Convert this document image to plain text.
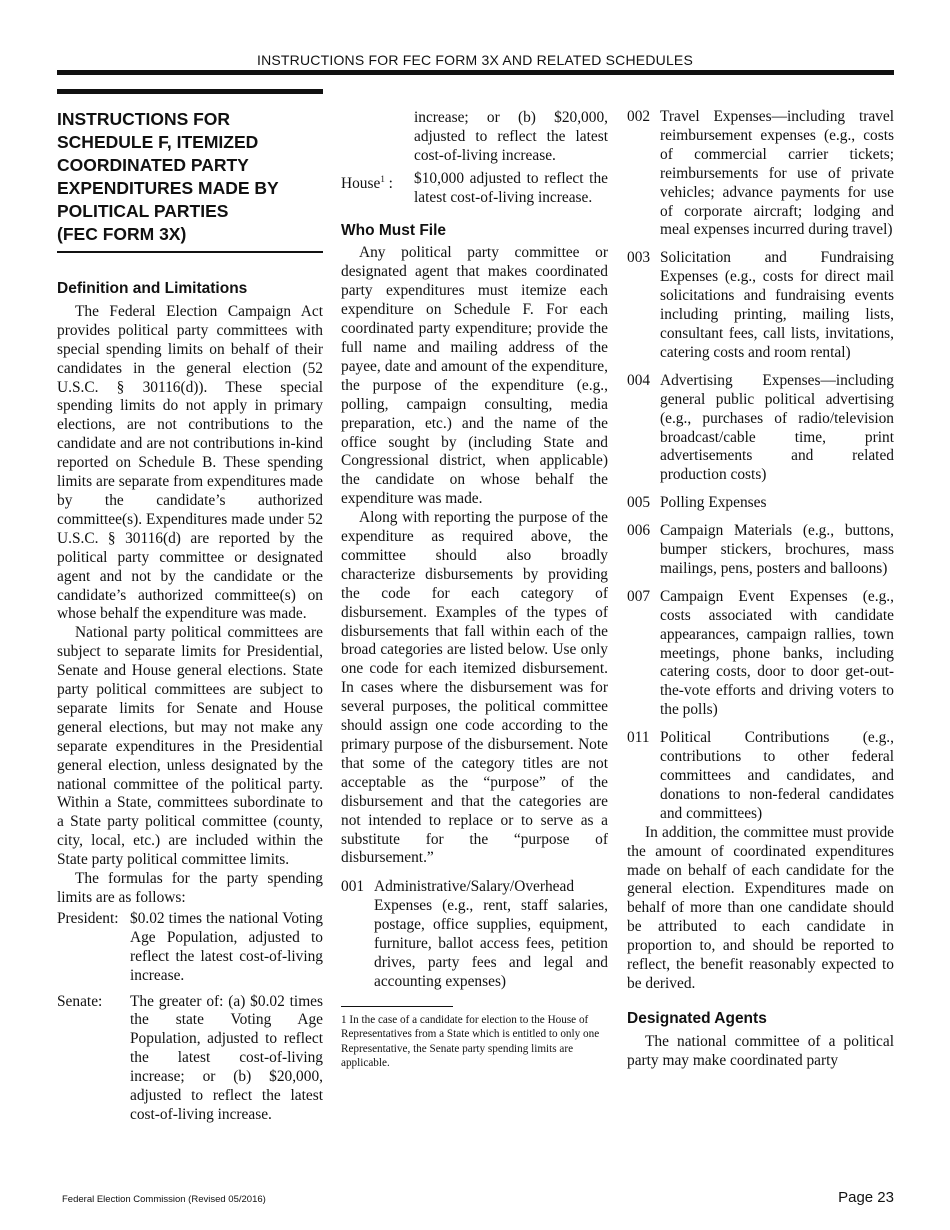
INSTRUCTIONS FOR FEC FORM 3X AND RELATED SCHEDULES
INSTRUCTIONS FOR
SCHEDULE F, ITEMIZED
COORDINATED PARTY
EXPENDITURES MADE BY
POLITICAL PARTIES
(FEC FORM 3X)
Definition and Limitations

The Federal Election Campaign Act provides political party committees with special spending limits on behalf of their candidates in the general election (52 U.S.C. § 30116(d)). These special spending limits do not apply in primary elections, are not contributions to the candidate and are not contributions in-kind reported on Schedule B. These spending limits are separate from expenditures made by the candidate’s authorized committee(s). Expenditures made under 52 U.S.C. § 30116(d) are reported by the political party committee or designated agent and not by the candidate or the candidate’s authorized committee(s) on whose behalf the expenditure was made.

National party political committees are subject to separate limits for Presidential, Senate and House general elections. State party political committees are subject to separate limits for Senate and House general elections, but may not make any separate expenditures in the Presidential general election, unless designated by the national committee of the political party. Within a State, committees subordinate to a State party political committee (county, city, local, etc.) are included within the State party political committee limits.

The formulas for the party spending limits are as follows:

President: $0.02 times the national Voting Age Population, adjusted to reflect the latest cost-of-living increase.
Senate:	The greater of: (a) $0.02 times the state Voting Age Population, adjusted to reflect the latest cost-of-living increase; or (b) $20,000, adjusted to reflect the latest cost-of-living increase.
increase; or (b) $20,000, adjusted to reflect the latest cost-of-living increase.
House$^1$ :	$10,000 adjusted to reflect the latest cost-of-living increase.
Who Must File

Any political party committee or designated agent that makes coordinated party expenditures must itemize each expenditure on Schedule F. For each coordinated party expenditure; provide the full name and mailing address of the payee, date and amount of the expenditure, the purpose of the expenditure (e.g., polling, campaign consulting, media preparation, etc.) and the name of the office sought by (including State and Congressional district, when applicable) the candidate on whose behalf the expenditure was made.

Along with reporting the purpose of the expenditure as required above, the committee should also broadly characterize disbursements by providing the code for each category of disbursement. Examples of the types of disbursements that fall within each of the broad categories are listed below. Use only one code for each itemized disbursement. In cases where the disbursement was for several purposes, the political committee should assign one code according to the primary purpose of the disbursement. Note that some of the category titles are not acceptable as the “purpose” of the disbursement and that the categories are not intended to replace or to serve as a substitute for the “purpose of disbursement.”

001 Administrative/Salary/Overhead Expenses (e.g., rent, staff salaries, postage, office supplies, equipment, furniture, ballot access fees, petition drives, party fees and legal and accounting expenses)
1 In the case of a candidate for election to the House of Representatives from a State which is entitled to only one Representative, the Senate party spending limits are applicable.
002 Travel Expenses—including travel reimbursement expenses (e.g., costs of commercial carrier tickets; reimbursements for use of private vehicles; advance payments for use of corporate aircraft; lodging and meal expenses incurred during travel)
003 Solicitation and Fundraising Expenses (e.g., costs for direct mail solicitations and fundraising events including printing, mailing lists, consultant fees, call lists, invitations, catering costs and room rental)
004 Advertising Expenses—including general public political advertising (e.g., purchases of radio/television broadcast/cable time, print advertisements and related production costs)
005 Polling Expenses
006 Campaign Materials (e.g., buttons, bumper stickers, brochures, mass mailings, pens, posters and balloons)
007 Campaign Event Expenses (e.g., costs associated with candidate appearances, campaign rallies, town meetings, phone banks, including catering costs, door to door get-out-the-vote efforts and driving voters to the polls)
011 Political Contributions (e.g., contributions to other federal committees and candidates, and donations to non-federal candidates and committees)

In addition, the committee must provide the amount of coordinated expenditures made on behalf of each candidate for the general election. Expenditures made on behalf of more than one candidate should be attributed to each candidate in proportion to, and should be reported to reflect, the benefit reasonably expected to be derived.

Designated Agents

The national committee of a political party may make coordinated party

Federal Election Commission (Revised 05/2016)	Page 23
